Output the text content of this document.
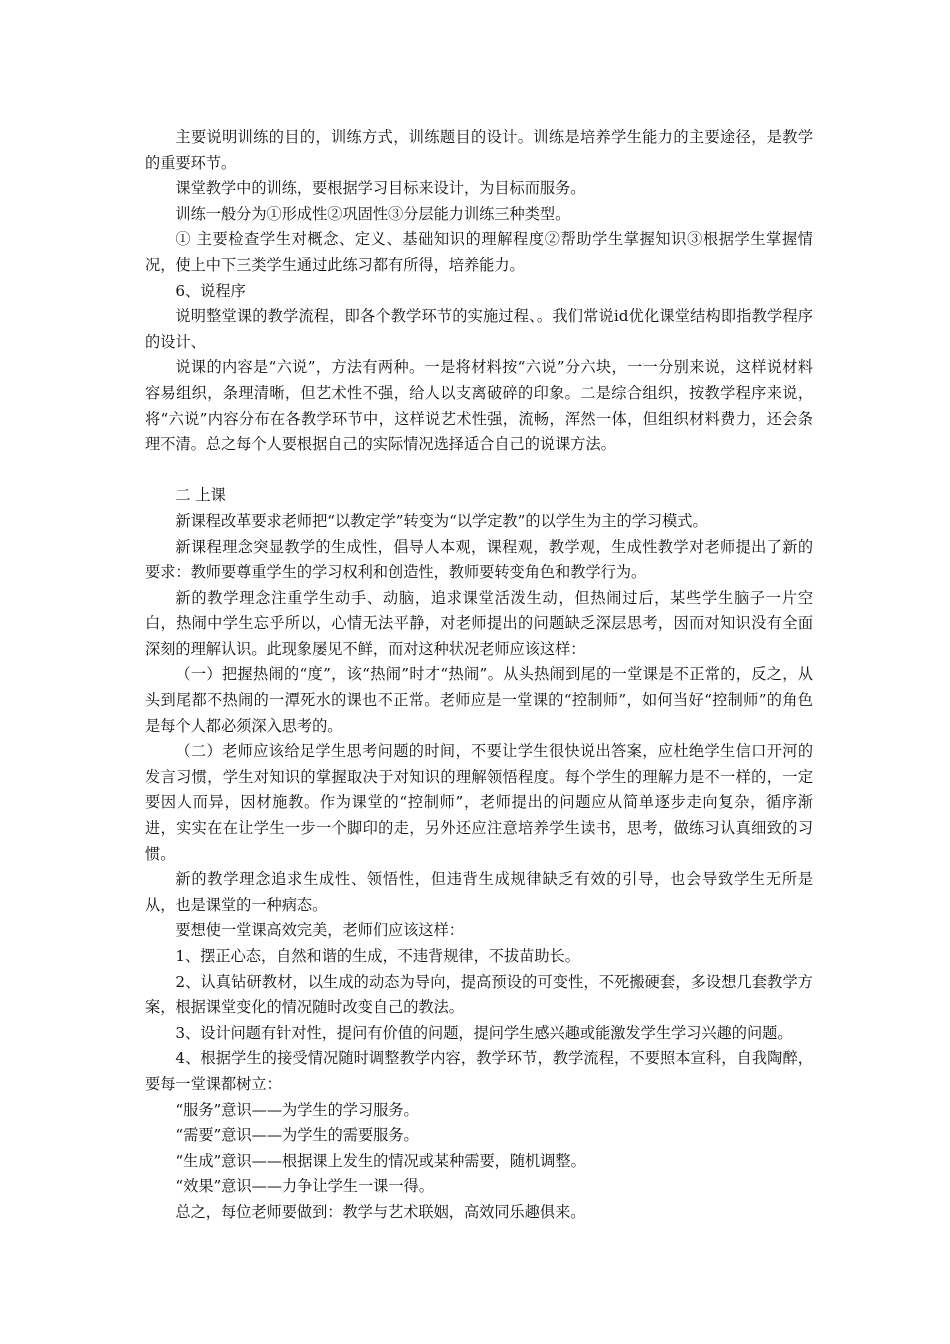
主要说明训练的目的，训练方式，训练题目的设计。训练是培养学生能力的主要途径，是教学的重要环节。

课堂教学中的训练，要根据学习目标来设计，为目标而服务。

训练一般分为①形成性②巩固性③分层能力训练三种类型。

① 主要检查学生对概念、定义、基础知识的理解程度②帮助学生掌握知识③根据学生掌握情况，使上中下三类学生通过此练习都有所得，培养能力。

6、说程序

说明整堂课的教学流程，即各个教学环节的实施过程、。我们常说id优化课堂结构即指教学程序的设计、

说课的内容是“六说”，方法有两种。一是将材料按“六说”分六块，一一分别来说，这样说材料容易组织，条理清晰，但艺术性不强，给人以支离破碎的印象。二是综合组织，按教学程序来说，将“六说”内容分布在各教学环节中，这样说艺术性强，流畅，浑然一体，但组织材料费力，还会条理不清。总之每个人要根据自己的实际情况选择适合自己的说课方法。

二 上课

新课程改革要求老师把“以教定学”转变为“以学定教”的以学生为主的学习模式。

新课程理念突显教学的生成性，倡导人本观，课程观，教学观，生成性教学对老师提出了新的要求：教师要尊重学生的学习权利和创造性，教师要转变角色和教学行为。

新的教学理念注重学生动手、动脑，追求课堂活泼生动，但热闹过后，某些学生脑子一片空白，热闹中学生忘乎所以，心情无法平静，对老师提出的问题缺乏深层思考，因而对知识没有全面深刻的理解认识。此现象屡见不鲜，而对这种状况老师应该这样：

（一）把握热闹的“度”，该“热闹”时才“热闹”。从头热闹到尾的一堂课是不正常的，反之，从头到尾都不热闹的一潭死水的课也不正常。老师应是一堂课的“控制师”，如何当好“控制师”的角色是每个人都必须深入思考的。

（二）老师应该给足学生思考问题的时间，不要让学生很快说出答案，应杜绝学生信口开河的发言习惯，学生对知识的掌握取决于对知识的理解领悟程度。每个学生的理解力是不一样的，一定要因人而异，因材施教。作为课堂的“控制师”，老师提出的问题应从简单逐步走向复杂，循序渐进，实实在在让学生一步一个脚印的走，另外还应注意培养学生读书，思考，做练习认真细致的习惯。

新的教学理念追求生成性、领悟性，但违背生成规律缺乏有效的引导，也会导致学生无所是从，也是课堂的一种病态。

要想使一堂课高效完美，老师们应该这样：

1、摆正心态，自然和谐的生成，不违背规律，不拔苗助长。

2、认真钻研教材，以生成的动态为导向，提高预设的可变性，不死搬硬套，多设想几套教学方案，根据课堂变化的情况随时改变自己的教法。

3、设计问题有针对性，提问有价值的问题，提问学生感兴趣或能激发学生学习兴趣的问题。

4、根据学生的接受情况随时调整教学内容，教学环节，教学流程，不要照本宣科，自我陶醉，要每一堂课都树立：

“服务”意识——为学生的学习服务。

“需要”意识——为学生的需要服务。

“生成”意识——根据课上发生的情况或某种需要，随机调整。

“效果”意识——力争让学生一课一得。

总之，每位老师要做到：教学与艺术联姻，高效同乐趣俱来。
